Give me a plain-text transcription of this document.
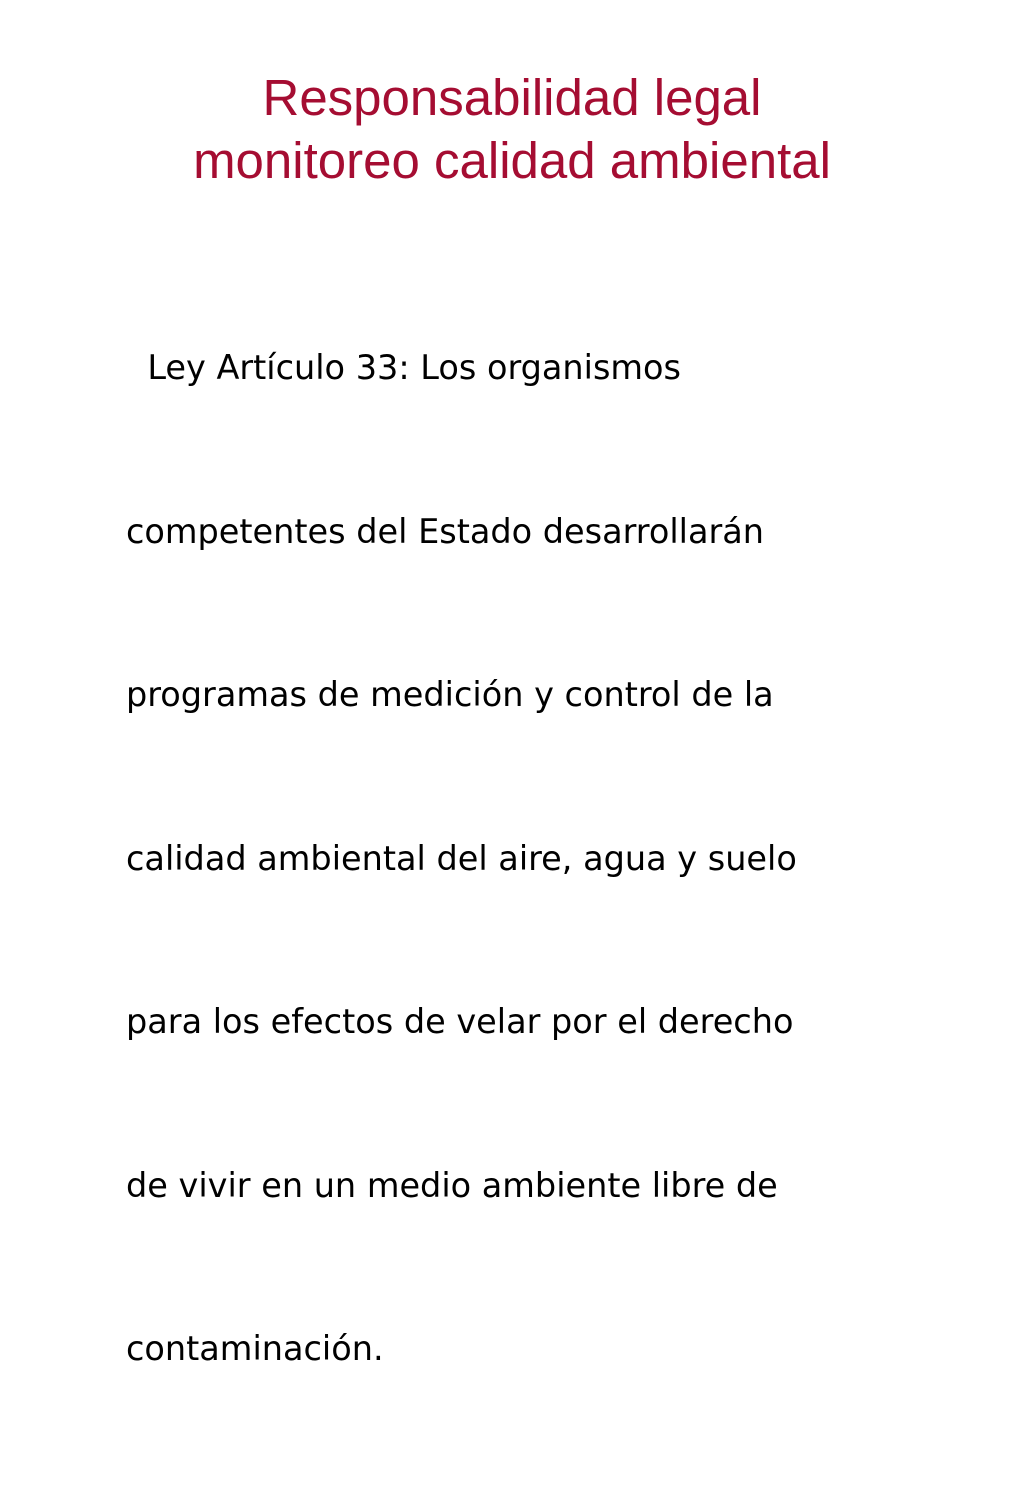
Responsabilidad legal
monitoreo calidad ambiental

Ley Artículo 33: Los organismos

competentes del Estado desarrollarán

programas de medición y control de la

calidad ambiental del aire, agua y suelo

para los efectos de velar por el derecho

de vivir en un medio ambiente libre de

contaminación.
